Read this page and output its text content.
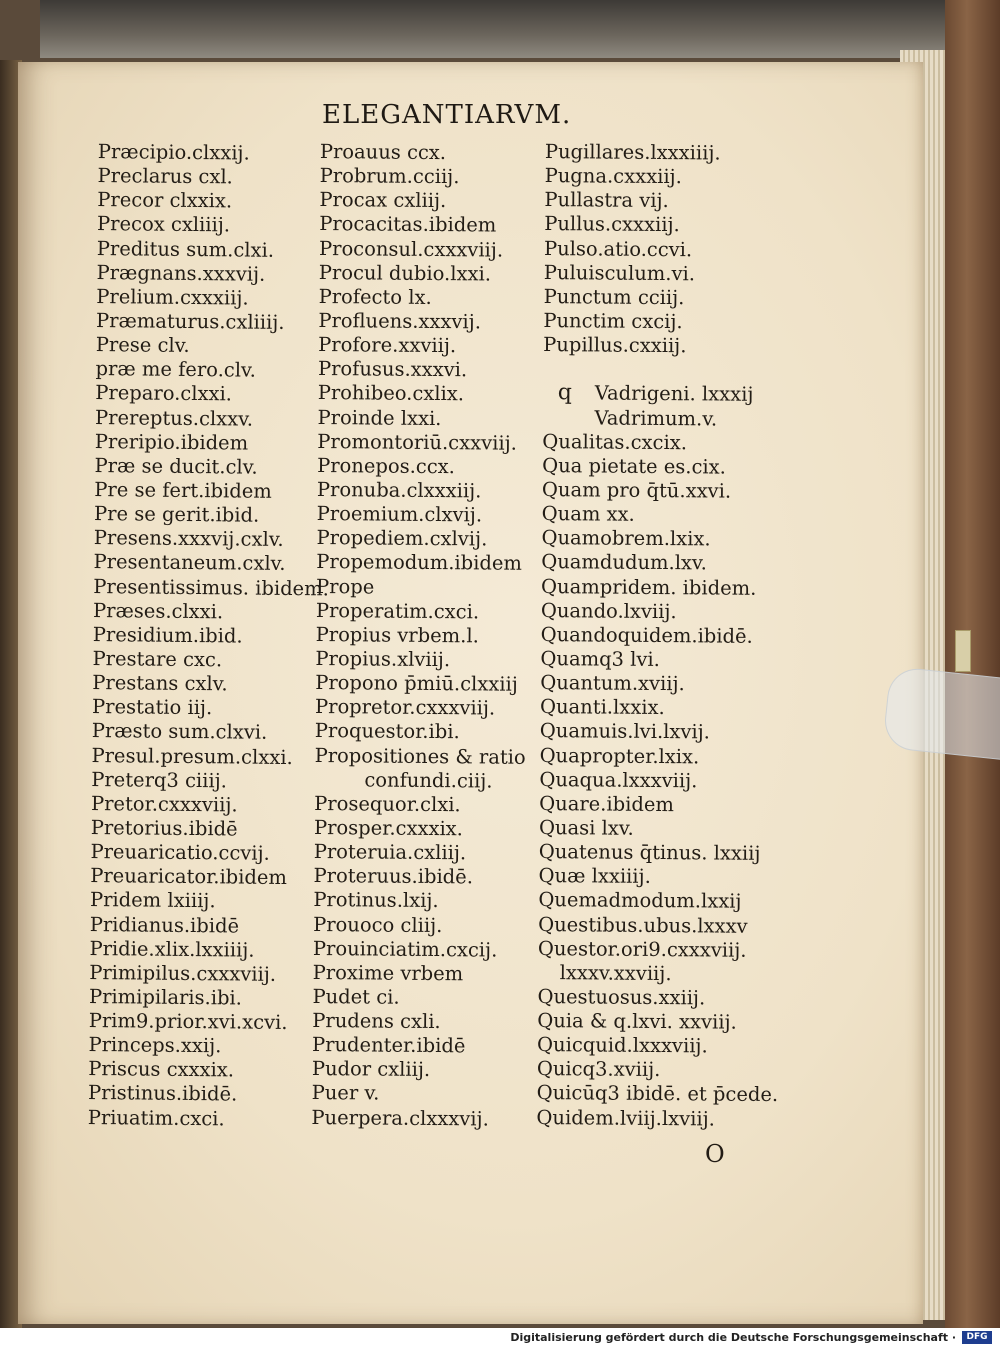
ELEGANTIARVM.
Præcipio.clxxij.
Preclarus cxl.
Precor clxxix.
Precox cxliiij.
Preditus sum.clxi.
Prægnans.xxxvij.
Prelium.cxxxiij.
Præmaturus.cxliiij.
Prese clv.
præ me fero.clv.
Preparo.clxxi.
Prereptus.clxxv.
Preripio.ibidem
Præ se ducit.clv.
Pre se fert.ibidem
Pre se gerit.ibid.
Presens.xxxvij.cxlv.
Presentaneum.cxlv.
Presentissimus. ibidem.
Præses.clxxi.
Presidium.ibid.
Prestare cxc.
Prestans cxlv.
Prestatio iij.
Præsto sum.clxvi.
Presul.presum.clxxi.
Preterq3 ciiij.
Pretor.cxxxviij.
Pretorius.ibidē
Preuaricatio.ccvij.
Preuaricator.ibidem
Pridem lxiiij.
Pridianus.ibidē
Pridie.xlix.lxxiiij.
Primipilus.cxxxviij.
Primipilaris.ibi.
Prim9.prior.xvi.xcvi.
Princeps.xxij.
Priscus cxxxix.
Pristinus.ibidē.
Priuatim.cxci.
Proauus ccx.
Probrum.cciij.
Procax cxliij.
Procacitas.ibidem
Proconsul.cxxxviij.
Procul dubio.lxxi.
Profecto lx.
Profluens.xxxvij.
Profore.xxviij.
Profusus.xxxvi.
Prohibeo.cxlix.
Proinde lxxi.
Promontoriū.cxxviij.
Pronepos.ccx.
Pronuba.clxxxiij.
Proemium.clxvij.
Propediem.cxlvij.
Propemodum.ibidem
Prope
Properatim.cxci.
Propius vrbem.l.
Propius.xlviij.
Propono p̄miū.clxxiij
Propretor.cxxxviij.
Proquestor.ibi.
Propositiones & ratio
confundi.ciij.
Prosequor.clxi.
Prosper.cxxxix.
Proteruia.cxliij.
Proteruus.ibidē.
Protinus.lxij.
Prouoco cliij.
Prouinciatim.cxcij.
Proxime vrbem
Pudet ci.
Prudens cxli.
Prudenter.ibidē
Pudor cxliij.
Puer v.
Puerpera.clxxxvij.
Pugillares.lxxxiiij.
Pugna.cxxxiij.
Pullastra vij.
Pullus.cxxxiij.
Pulso.atio.ccvi.
Puluisculum.vi.
Punctum cciij.
Punctim cxcij.
Pupillus.cxxiij.
q Vadrigeni. lxxxij
Vadrimum.v.
Qualitas.cxcix.
Qua pietate es.cix.
Quam pro q̄tū.xxvi.
Quam xx.
Quamobrem.lxix.
Quamdudum.lxv.
Quampridem. ibidem.
Quando.lxviij.
Quandoquidem.ibidē.
Quamq3 lvi.
Quantum.xviij.
Quanti.lxxix.
Quamuis.lvi.lxvij.
Quapropter.lxix.
Quaqua.lxxxviij.
Quare.ibidem
Quasi lxv.
Quatenus q̄tinus. lxxiij
Quæ lxxiiij.
Quemadmodum.lxxij
Questibus.ubus.lxxxv
Questor.ori9.cxxxviij.
lxxxv.xxviij.
Questuosus.xxiij.
Quia & q.lxvi. xxviij.
Quicquid.lxxxviij.
Quicq3.xviij.
Quicūq3 ibidē. et p̄cede.
Quidem.lviij.lxviij.
O
Digitalisierung gefördert durch die Deutsche Forschungsgemeinschaft ·	DFG
